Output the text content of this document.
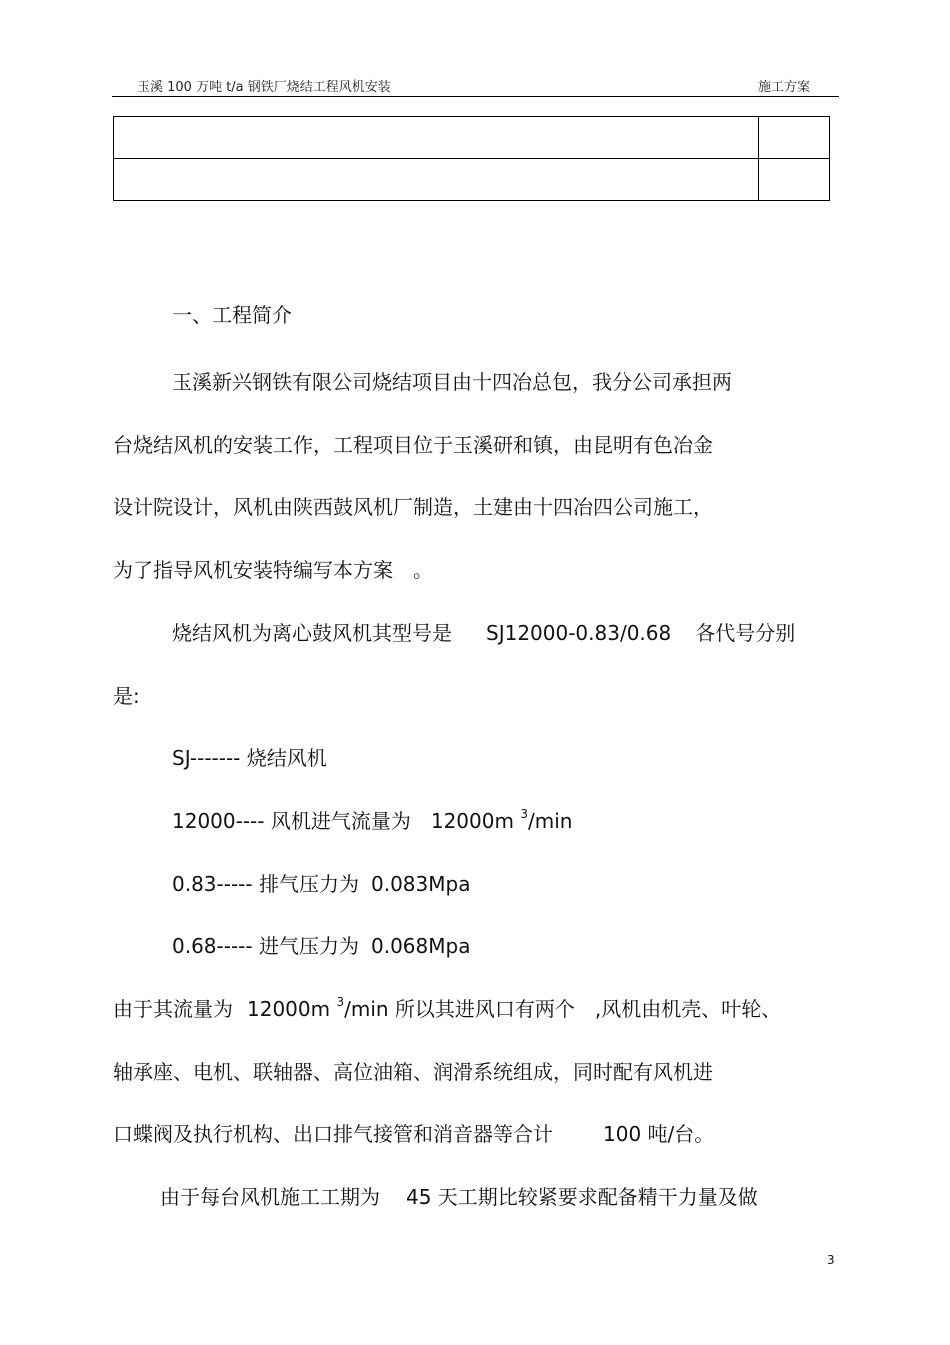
玉溪 100 万吨 t/a 钢铁厂烧结工程风机安装	施工方案

一、工程简介
玉溪新兴钢铁有限公司烧结项目由十四冶总包，我分公司承担两
台烧结风机的安装工作，工程项目位于玉溪研和镇，由昆明有色冶金
设计院设计，风机由陕西鼓风机厂制造，土建由十四冶四公司施工，
为了指导风机安装特编写本方案　。
烧结风机为离心鼓风机其型号是 SJ12000-0.83/0.68 各代号分别
是:
SJ------- 烧结风机
12000---- 风机进气流量为 12000m $^3$/min
0.83----- 排气压力为 0.083Mpa
0.68----- 进气压力为 0.068Mpa
由于其流量为 12000m $^3$/min 所以其进风口有两个 ,风机由机壳、叶轮、
轴承座、电机、联轴器、高位油箱、润滑系统组成，同时配有风机进
口蝶阀及执行机构、出口排气接管和消音器等合计	100 吨/台。
由于每台风机施工工期为 45 天工期比较紧要求配备精干力量及做
3
